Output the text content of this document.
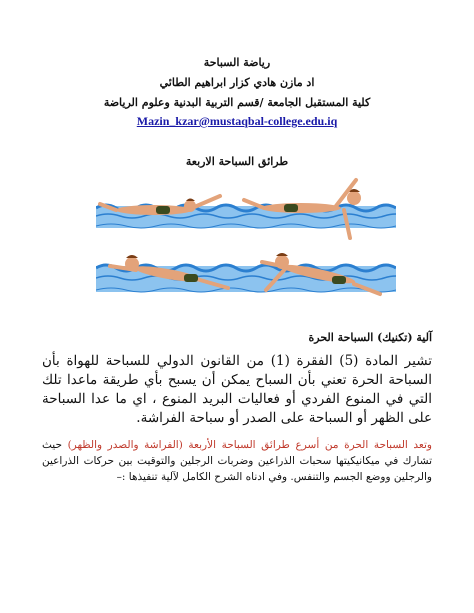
رياضة السباحة
اد مازن هادي كزار ابراهيم الطائي
كلية المستقبل الجامعة /قسم التربية البدنية وعلوم الرياضة
Mazin_kzar@mustaqbal-college.edu.iq
طرائق السباحة الاربعة
آلية (تكنيك) السباحة الحرة
تشير المادة (5) الفقرة (1) من القانون الدولي للسباحة للهواة بأن السباحة الحرة تعني بأن السباح يمكن أن يسبح بأي طريقة ماعدا تلك التي في المنوع الفردي أو فعاليات البريد المنوع ، اي ما عدا السباحة على الظهر أو السباحة على الصدر أو سباحة الفراشة.
وتعد السباحة الحرة من أسرع طرائق السباحة الأربعة (الفراشة والصدر والظهر) حيث تشارك في ميكانيكيتها سحبات الذراعين وضربات الرجلين والتوقيت بين حركات الذراعين والرجلين ووضع الجسم والتنفس. وفي ادناه الشرح الكامل لآلية تنفيذها :–
